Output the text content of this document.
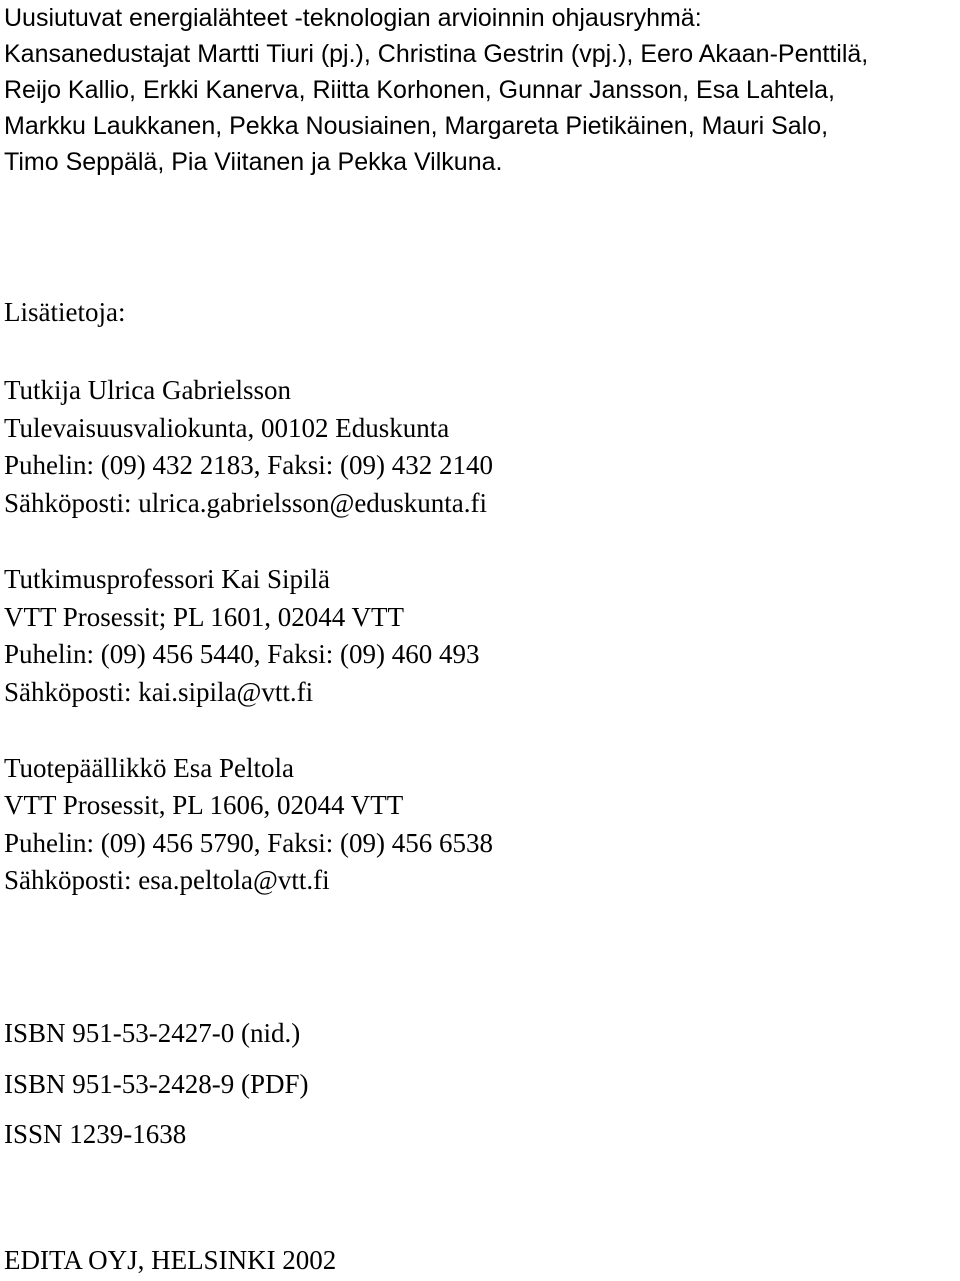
Uusiutuvat energialähteet -teknologian arvioinnin ohjausryhmä:
Kansanedustajat Martti Tiuri (pj.), Christina Gestrin (vpj.), Eero Akaan-Penttilä,
Reijo Kallio, Erkki Kanerva, Riitta Korhonen, Gunnar Jansson, Esa Lahtela,
Markku Laukkanen, Pekka Nousiainen, Margareta Pietikäinen, Mauri Salo,
Timo Seppälä, Pia Viitanen ja Pekka Vilkuna.
Lisätietoja:
Tutkija Ulrica Gabrielsson
Tulevaisuusvaliokunta, 00102 Eduskunta
Puhelin: (09) 432 2183, Faksi: (09) 432 2140
Sähköposti: ulrica.gabrielsson@eduskunta.fi
Tutkimusprofessori Kai Sipilä
VTT Prosessit; PL 1601, 02044 VTT
Puhelin: (09) 456 5440, Faksi: (09) 460 493
Sähköposti: kai.sipila@vtt.fi
Tuotepäällikkö Esa Peltola
VTT Prosessit, PL 1606, 02044 VTT
Puhelin: (09) 456 5790, Faksi: (09) 456 6538
Sähköposti: esa.peltola@vtt.fi
ISBN 951-53-2427-0 (nid.)
ISBN 951-53-2428-9 (PDF)
ISSN 1239-1638
EDITA OYJ, HELSINKI 2002
